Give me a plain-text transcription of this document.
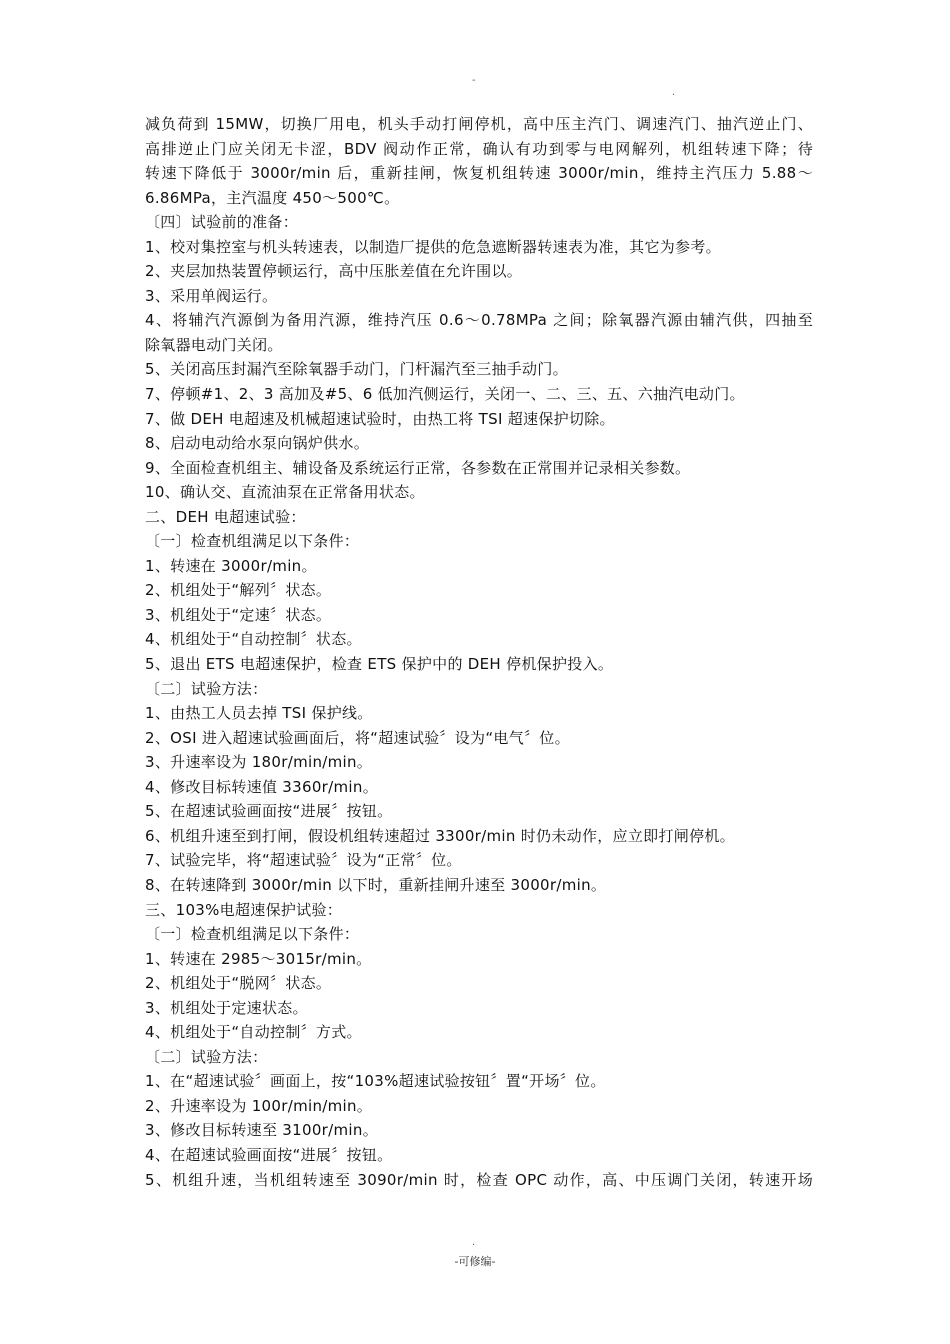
-
.
减负荷到 15MW，切换厂用电，机头手动打闸停机，高中压主汽门、调速汽门、抽汽逆止门、
高排逆止门应关闭无卡涩，BDV 阀动作正常，确认有功到零与电网解列，机组转速下降；待
转速下降低于 3000r/min 后，重新挂闸，恢复机组转速 3000r/min，维持主汽压力 5.88～
6.86MPa，主汽温度 450～500℃。
〔四〕试验前的准备：
1、校对集控室与机头转速表，以制造厂提供的危急遮断器转速表为准，其它为参考。
2、夹层加热装置停顿运行，高中压胀差值在允许围以。
3、采用单阀运行。
4、将辅汽汽源倒为备用汽源，维持汽压 0.6～0.78MPa 之间；除氧器汽源由辅汽供，四抽至
除氧器电动门关闭。
5、关闭高压封漏汽至除氧器手动门，门杆漏汽至三抽手动门。
7、停顿#1、2、3 高加及#5、6 低加汽侧运行，关闭一、二、三、五、六抽汽电动门。
7、做 DEH 电超速及机械超速试验时，由热工将 TSI 超速保护切除。
8、启动电动给水泵向锅炉供水。
9、全面检查机组主、辅设备及系统运行正常，各参数在正常围并记录相关参数。
10、确认交、直流油泵在正常备用状态。
二、DEH 电超速试验：
〔一〕检查机组满足以下条件：
1、转速在 3000r/min。
2、机组处于“解列〞状态。
3、机组处于“定速〞状态。
4、机组处于“自动控制〞状态。
5、退出 ETS 电超速保护，检查 ETS 保护中的 DEH 停机保护投入。
〔二〕试验方法：
1、由热工人员去掉 TSI 保护线。
2、OSI 进入超速试验画面后，将“超速试验〞设为“电气〞位。
3、升速率设为 180r/min/min。
4、修改目标转速值 3360r/min。
5、在超速试验画面按“进展〞按钮。
6、机组升速至到打闸，假设机组转速超过 3300r/min 时仍未动作，应立即打闸停机。
7、试验完毕，将“超速试验〞设为“正常〞位。
8、在转速降到 3000r/min 以下时，重新挂闸升速至 3000r/min。
三、103%电超速保护试验：
〔一〕检查机组满足以下条件：
1、转速在 2985～3015r/min。
2、机组处于“脱网〞状态。
3、机组处于定速状态。
4、机组处于“自动控制〞方式。
〔二〕试验方法：
1、在“超速试验〞画面上，按“103%超速试验按钮〞置“开场〞位。
2、升速率设为 100r/min/min。
3、修改目标转速至 3100r/min。
4、在超速试验画面按“进展〞按钮。
5、机组升速，当机组转速至 3090r/min 时，检查 OPC 动作，高、中压调门关闭，转速开场
.
-可修编-
